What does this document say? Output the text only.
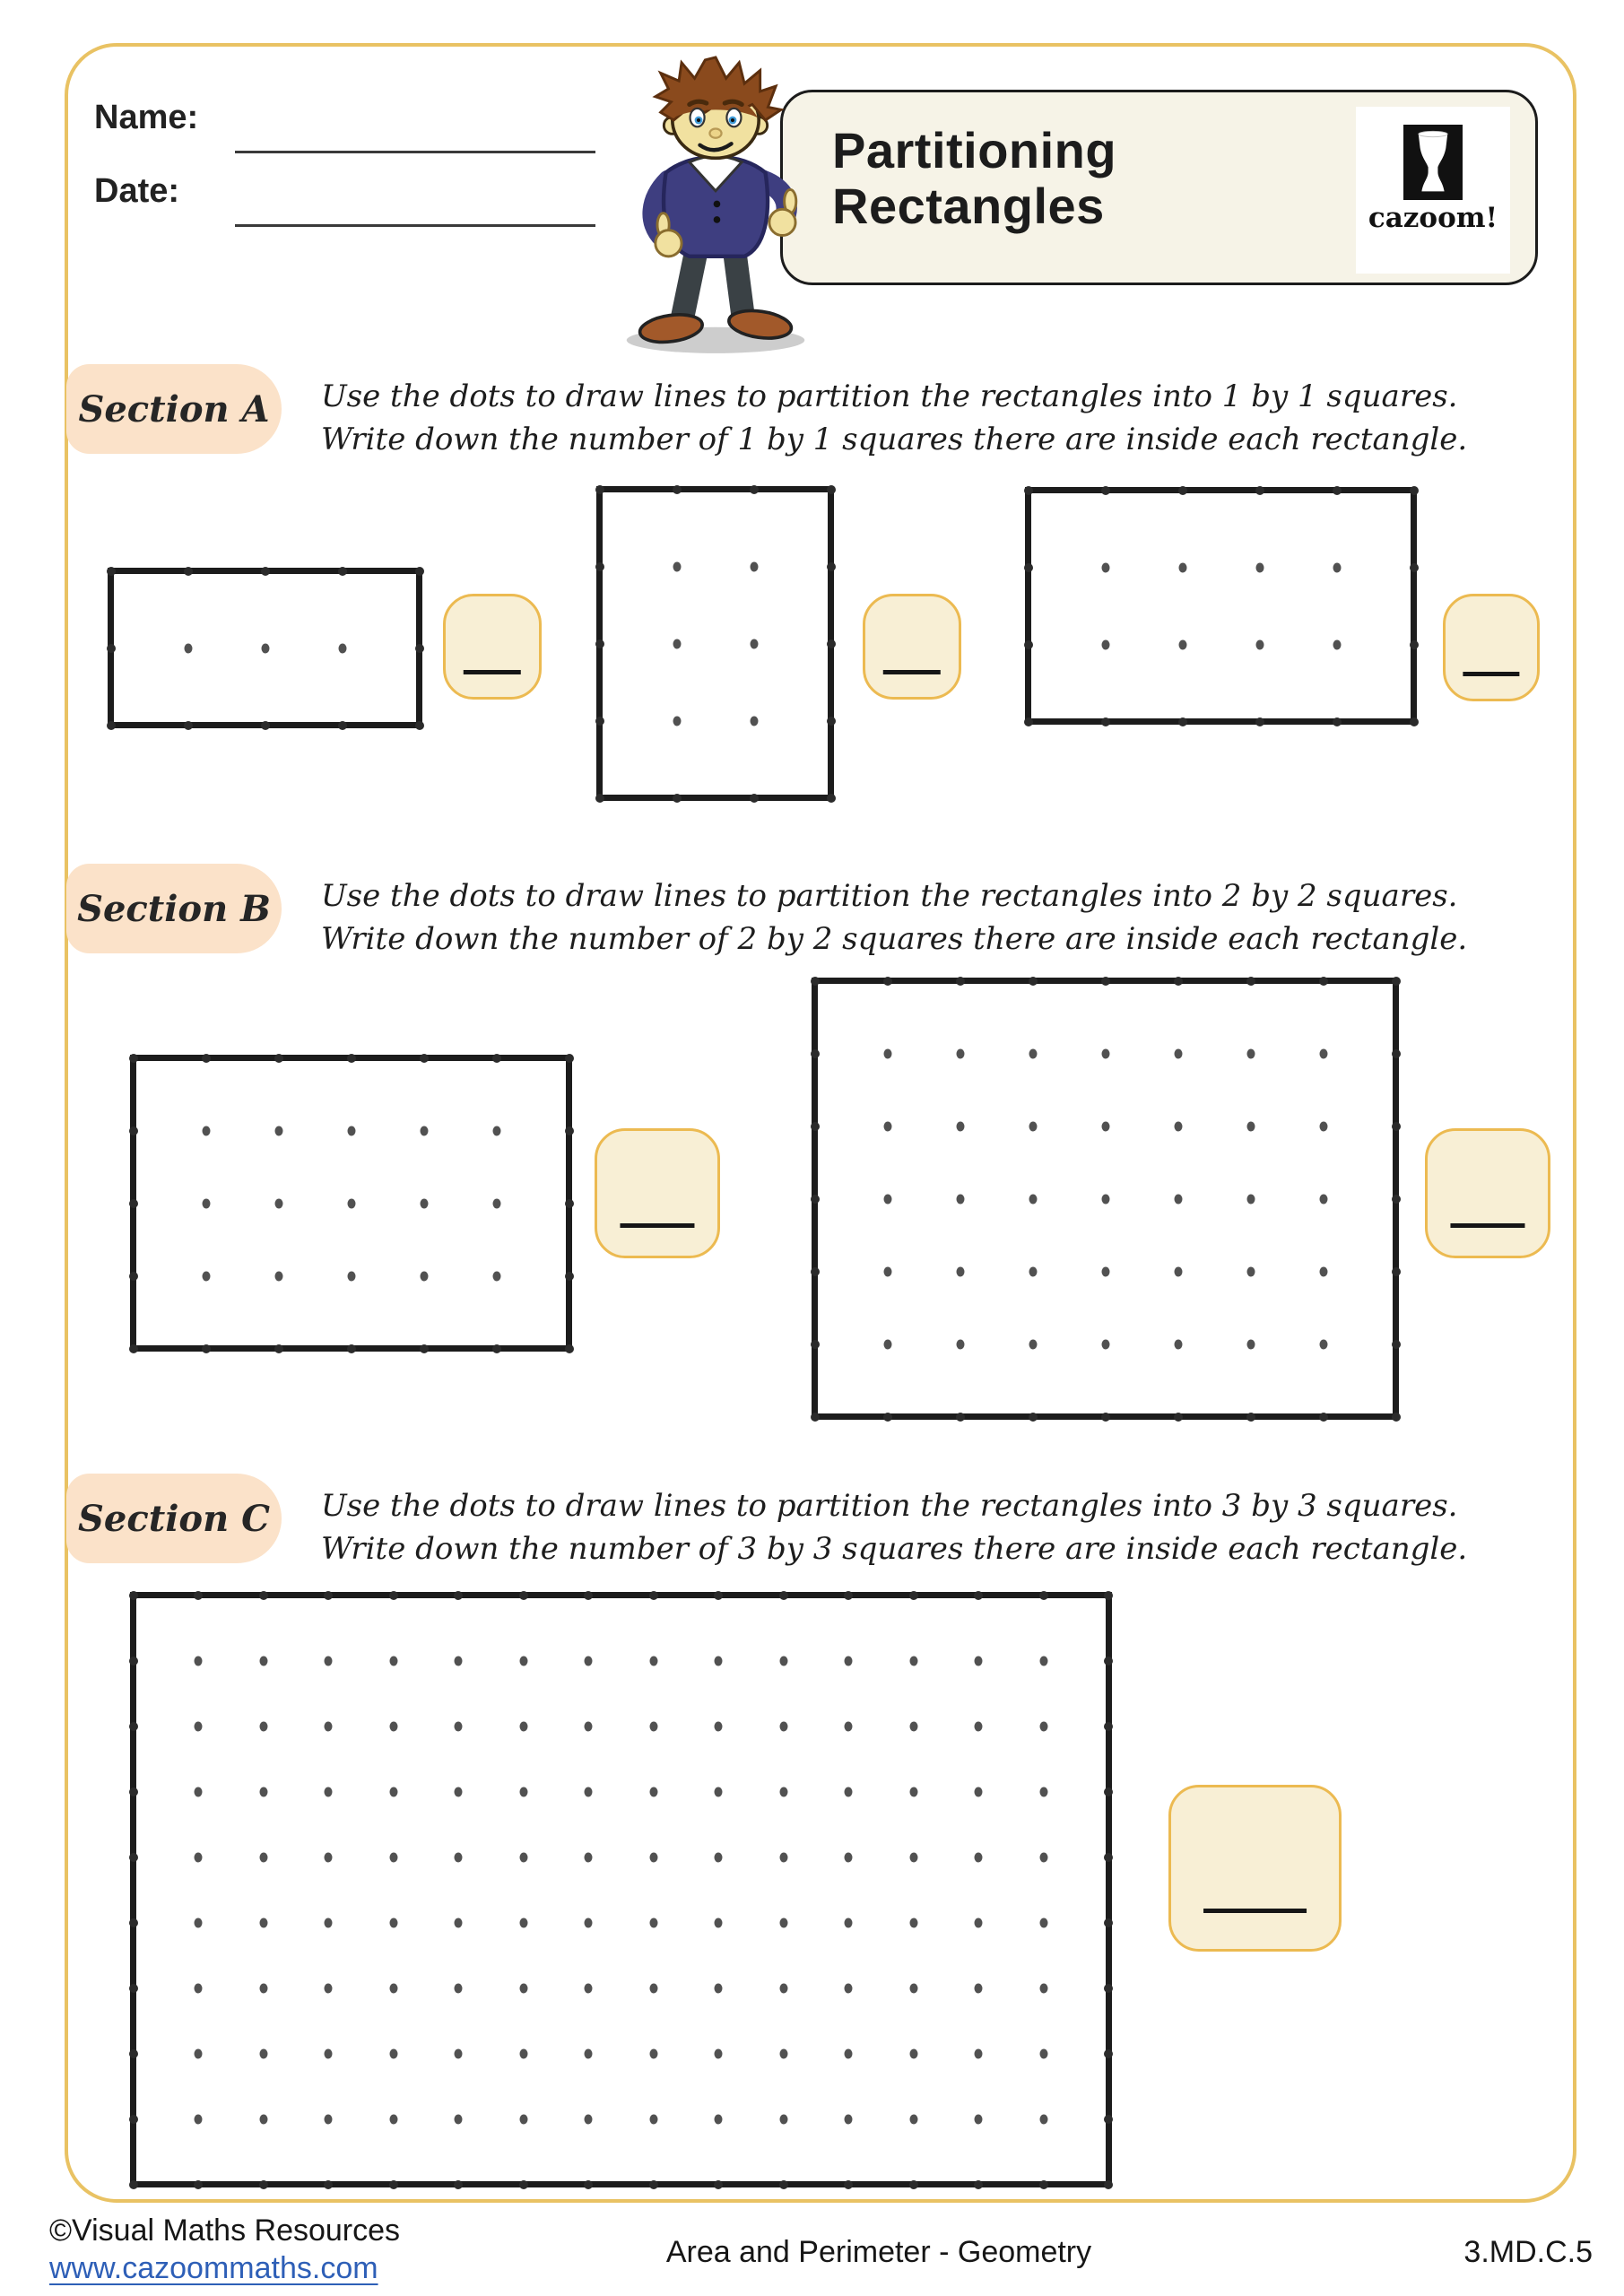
Name:
Date:
Partitioning
Rectangles	cazoom!
Section A	Use the dots to draw lines to partition the rectangles into 1 by 1 squares.
Write down the number of 1 by 1 squares there are inside each rectangle.
Section B	Use the dots to draw lines to partition the rectangles into 2 by 2 squares.
Write down the number of 2 by 2 squares there are inside each rectangle.
Section C	Use the dots to draw lines to partition the rectangles into 3 by 3 squares.
Write down the number of 3 by 3 squares there are inside each rectangle.
©Visual Maths Resources
www.cazoommaths.com	Area and Perimeter - Geometry	3.MD.C.5
